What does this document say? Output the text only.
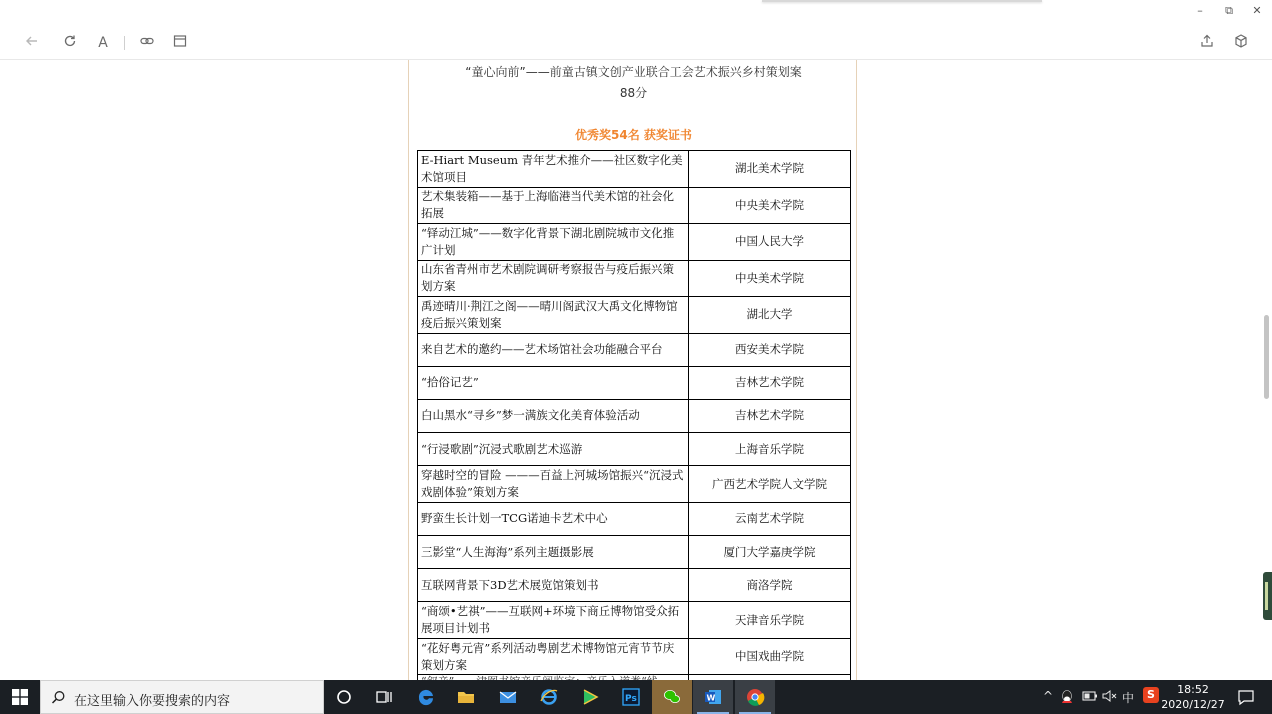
–	⧉	✕
A
“童心向前”——前童古镇文创产业联合工会艺术振兴乡村策划案
88分
优秀奖54名 获奖证书
E-Hiart Museum 青年艺术推介——社区数字化美术馆项目	湖北美术学院
艺术集装箱——基于上海临港当代美术馆的社会化拓展	中央美术学院
“铎动江城”——数字化背景下湖北剧院城市文化推广计划	中国人民大学
山东省青州市艺术剧院调研考察报告与疫后振兴策划方案	中央美术学院
禹迹晴川·荆江之阁——晴川阁武汉大禹文化博物馆疫后振兴策划案	湖北大学
来自艺术的邀约——艺术场馆社会功能融合平台	西安美术学院
“拾俗记艺”	吉林艺术学院
白山黑水“寻乡”梦一满族文化美育体验活动	吉林艺术学院
“行浸歌剧”沉浸式歌剧艺术巡游	上海音乐学院
穿越时空的冒险 ———百益上河城场馆振兴“沉浸式戏剧体验”策划方案	广西艺术学院人文学院
野蛮生长计划一TCG诺迪卡艺术中心	云南艺术学院
三影堂“人生海海”系列主题摄影展	厦门大学嘉庚学院
互联网背景下3D艺术展览馆策划书	商洛学院
“商颂•艺祺”——互联网+环境下商丘博物馆受众拓展项目计划书	天津音乐学院
“花好粤元宵”系列活动粤剧艺术博物馆元宵节节庆策划方案	中国戏曲学院

在这里输入你要搜索的内容	Ps	W	^	中	S	18:52
2020/12/27
